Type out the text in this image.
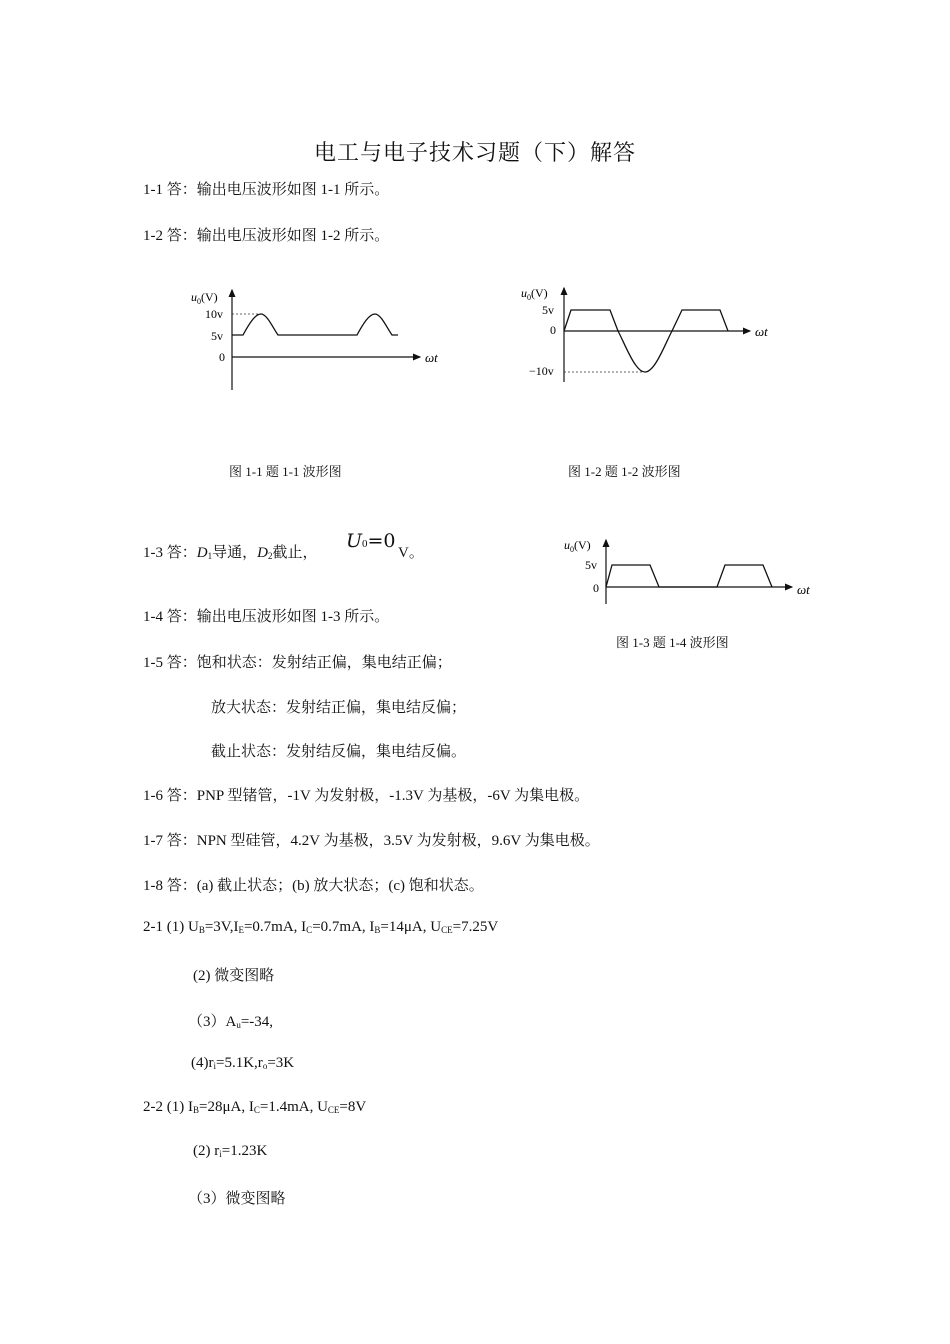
电工与电子技术习题（下）解答
1-1 答：输出电压波形如图 1-1 所示。
1-2 答：输出电压波形如图 1-2 所示。
$u_0(V)$
10v
5v
0	ωt
图 1-1 题 1-1 波形图
$u_0(V)$
5v
0
−10v
ωt
图 1-2 题 1-2 波形图
1-3 答：$D_1$导通，$D_2$截止，
U0=0
V。	$u_0(V)$
5v
0	ωt
图 1-3 题 1-4 波形图
1-4 答：输出电压波形如图 1-3 所示。
1-5 答：饱和状态：发射结正偏，集电结正偏；
放大状态：发射结正偏，集电结反偏；
截止状态：发射结反偏，集电结反偏。
1-6 答：PNP 型锗管，-1V 为发射极，-1.3V 为基极，-6V 为集电极。
1-7 答：NPN 型硅管，4.2V 为基极，3.5V 为发射极，9.6V 为集电极。
1-8 答：(a) 截止状态；(b) 放大状态；(c) 饱和状态。
2-1 (1) $U_B=3V,I_E=0.7mA$, $I_C=0.7mA$, $I_B=14\mu A$, $U_{CE}=7.25V$
(2) 微变图略
$(3)A_u=-34$,
$(4)r_i=5.1K,r_o=3K$
2-2 (1) $I_B=28\mu A$, $I_C=1.4mA$, $U_{CE}=8V$
(2) $r_i=1.23K$
（3）微变图略
